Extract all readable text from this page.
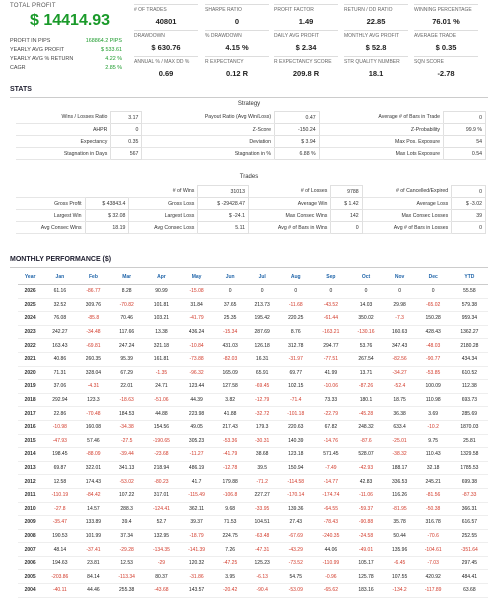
TOTAL PROFIT
$ 14414.93
PROFIT IN PIPS	168864.2 PIPS
YEARLY AVG PROFIT	$ 533.61
YEARLY AVG % RETURN	4.22 %
CAGR	2.85 %
# OF TRADES
40801
SHARPE RATIO
0
PROFIT FACTOR
1.49
RETURN / DD RATIO
22.85
WINNING PERCENTAGE
76.01 %
DRAWDOWN
$ 630.76
% DRAWDOWN
4.15 %
DAILY AVG PROFIT
$ 2.34
MONTHLY AVG PROFIT
$ 52.8
AVERAGE TRADE
$ 0.35
ANNUAL % / MAX DD %
0.69
R EXPECTANCY
0.12 R
R EXPECTANCY SCORE
209.8 R
STR QUALITY NUMBER
18.1
SQN SCORE
-2.78
STATS
Strategy
Wins / Losses Ratio	3.17	Payout Ratio (Avg Win/Loss)	0.47	Average # of Bars in Trade	0
AHPR	0	Z-Score	-150.24	Z-Probability	99.9 %
Expectancy	0.35	Deviation	$ 3.94	Max Pos. Exposure	54
Stagnation in Days	567	Stagnation in %	6.88 %	Max Lots Exposure	0.54
Trades
		# of Wins	31013	# of Losses	9788	# of Cancelled/Expired	0
Gross Profit	$ 43843.4	Gross Loss	$ -29428.47	Average Win	$ 1.42	Average Loss	$ -3.02
Largest Win	$ 32.08	Largest Loss	$ -24.1	Max Consec Wins	142	Max Consec Losses	39
Avg Consec Wins	18.19	Avg Consec Loss	5.11	Avg # of Bars in Wins	0	Avg # of Bars in Losses	0
MONTHLY PERFORMANCE ($)
Year	Jan	Feb	Mar	Apr	May	Jun	Jul	Aug	Sep	Oct	Nov	Dec	YTD
2026	61.16	-86.77	8.28	90.99	-15.08	0	0	0	0	0	0	0	55.58
2025	32.52	309.76	-70.82	101.81	31.84	37.65	213.73	-11.68	-43.52	14.03	29.98	-65.02	579.38
2024	76.08	-85.8	70.46	103.21	-41.79	25.35	195.42	220.25	-61.44	350.02	-7.3	150.28	959.34
2023	242.27	-34.48	117.66	13.38	436.24	-15.34	287.69	8.76	-163.21	-130.16	160.63	428.43	1362.27
2022	163.43	-69.81	247.24	321.18	-10.84	431.03	126.18	312.78	294.77	53.76	347.43	-48.03	2180.28
2021	40.86	260.35	95.39	161.81	-73.88	-82.03	16.31	-31.97	-77.51	267.54	-82.56	-90.77	434.34
2020	71.31	328.04	67.29	-1.35	-96.32	165.09	65.91	69.77	41.99	13.71	-34.27	-53.85	610.52
2019	37.06	-4.31	22.01	24.71	123.44	127.58	-69.45	102.15	-10.06	-87.26	-52.4	100.09	112.38
2018	292.94	123.3	-18.63	-51.06	44.39	3.82	-12.79	-71.4	73.33	180.1	18.75	110.98	693.73
2017	22.86	-70.48	184.53	44.88	223.98	41.88	-32.72	-101.18	-22.79	-45.28	36.38	3.69	285.69
2016	-10.98	160.08	-34.38	154.56	49.05	217.43	179.3	220.63	67.82	248.32	633.4	-10.2	1870.03
2015	-47.93	57.46	-27.5	-190.65	305.23	-53.36	-30.31	140.39	-14.76	-87.6	-25.01	9.75	25.81
2014	198.45	-88.09	-39.44	-23.68	-11.27	-41.79	38.68	123.18	571.45	528.07	-38.32	110.43	1329.58
2013	69.87	322.01	341.13	218.94	486.19	-12.78	39.5	150.94	-7.49	-42.93	188.17	32.18	1785.53
2012	12.58	174.43	-53.02	-80.23	41.7	179.88	-71.2	-114.58	-14.77	42.83	336.53	245.21	699.38
2011	-110.19	-84.42	107.22	317.01	-115.49	-106.8	227.27	-170.14	-174.74	-11.06	116.26	-81.56	-87.33
2010	-27.8	14.57	288.3	-124.41	362.11	9.68	-33.95	139.36	-64.55	-59.37	-81.95	-50.38	366.31
2009	-35.47	133.89	39.4	52.7	39.37	71.53	104.51	27.43	-78.43	-90.88	35.78	316.78	616.57
2008	190.53	101.99	37.34	132.95	-18.79	224.75	-63.48	-67.69	-240.35	-24.58	50.44	-70.6	252.55
2007	48.14	-37.41	-29.28	-134.35	-141.39	7.26	-47.31	-43.29	44.06	-49.01	135.96	-104.61	-351.64
2006	194.63	23.81	12.53	-29	120.32	-47.25	125.23	-73.52	-110.99	105.17	-6.45	-7.03	297.45
2005	-203.86	84.14	-113.34	80.37	-31.86	3.95	-6.13	54.75	-0.96	125.78	107.55	420.92	484.41
2004	-40.11	44.46	255.38	-43.68	143.57	-20.42	-90.4	-53.09	-65.62	183.16	-134.2	-117.89	63.68
